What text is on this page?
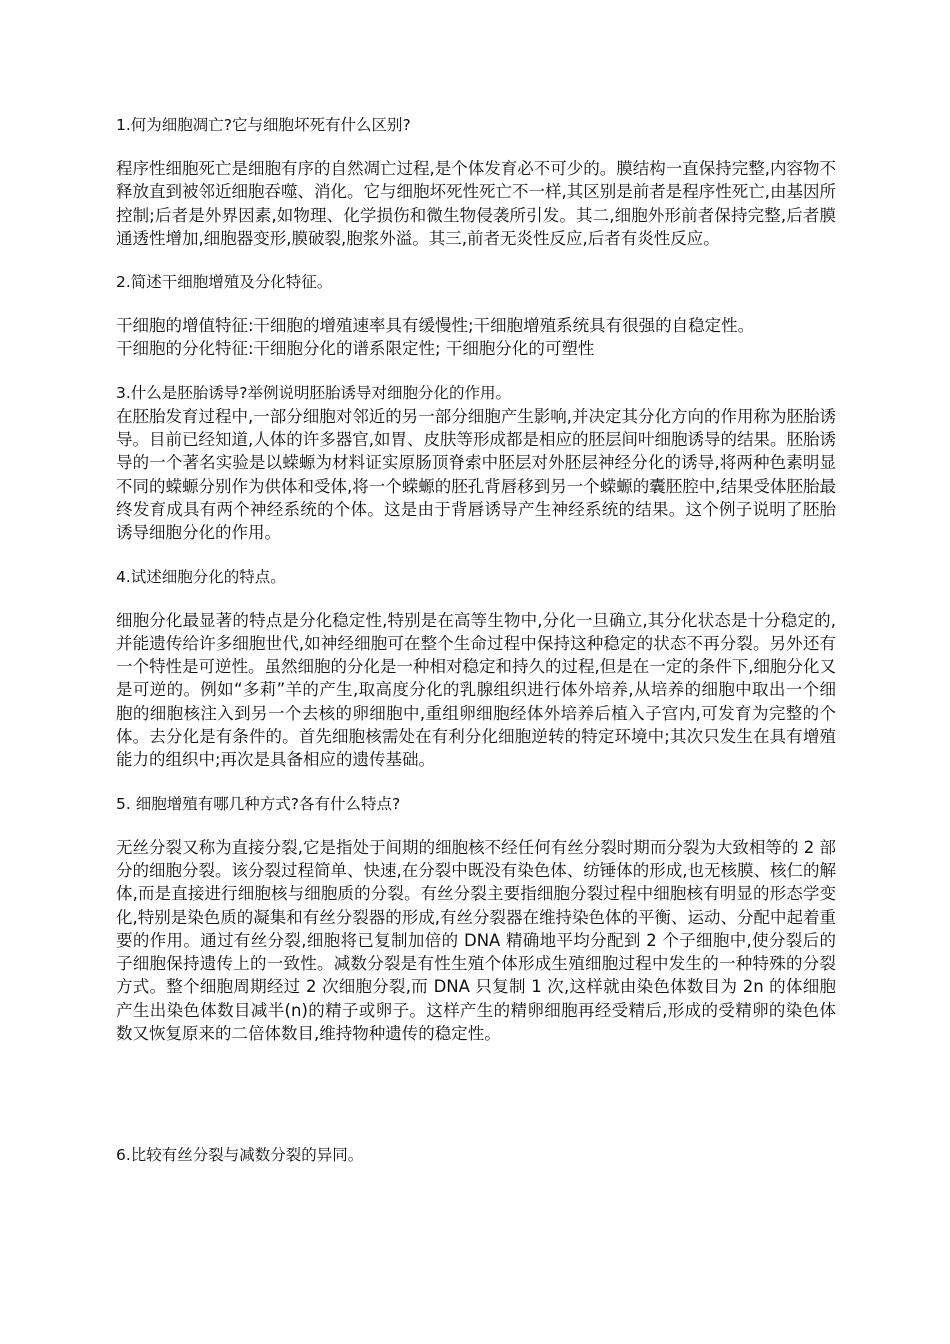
1.何为细胞凋亡?它与细胞坏死有什么区别?

程序性细胞死亡是细胞有序的自然凋亡过程,是个体发育必不可少的。膜结构一直保持完整,内容物不释放直到被邻近细胞吞噬、消化。它与细胞坏死性死亡不一样,其区别是前者是程序性死亡,由基因所控制;后者是外界因素,如物理、化学损伤和微生物侵袭所引发。其二,细胞外形前者保持完整,后者膜通透性增加,细胞器变形,膜破裂,胞浆外溢。其三,前者无炎性反应,后者有炎性反应。

2.简述干细胞增殖及分化特征。

干细胞的增值特征:干细胞的增殖速率具有缓慢性;干细胞增殖系统具有很强的自稳定性。

干细胞的分化特征:干细胞分化的谱系限定性; 干细胞分化的可塑性

3.什么是胚胎诱导?举例说明胚胎诱导对细胞分化的作用。

在胚胎发育过程中,一部分细胞对邻近的另一部分细胞产生影响,并决定其分化方向的作用称为胚胎诱导。目前已经知道,人体的许多器官,如胃、皮肤等形成都是相应的胚层间叶细胞诱导的结果。胚胎诱导的一个著名实验是以蝾螈为材料证实原肠顶脊索中胚层对外胚层神经分化的诱导,将两种色素明显不同的蝾螈分别作为供体和受体,将一个蝾螈的胚孔背唇移到另一个蝾螈的囊胚腔中,结果受体胚胎最终发育成具有两个神经系统的个体。这是由于背唇诱导产生神经系统的结果。这个例子说明了胚胎诱导细胞分化的作用。

4.试述细胞分化的特点。

细胞分化最显著的特点是分化稳定性,特别是在高等生物中,分化一旦确立,其分化状态是十分稳定的,并能遗传给许多细胞世代,如神经细胞可在整个生命过程中保持这种稳定的状态不再分裂。另外还有一个特性是可逆性。虽然细胞的分化是一种相对稳定和持久的过程,但是在一定的条件下,细胞分化又是可逆的。例如“多莉”羊的产生,取高度分化的乳腺组织进行体外培养,从培养的细胞中取出一个细胞的细胞核注入到另一个去核的卵细胞中,重组卵细胞经体外培养后植入子宫内,可发育为完整的个体。去分化是有条件的。首先细胞核需处在有利分化细胞逆转的特定环境中;其次只发生在具有增殖能力的组织中;再次是具备相应的遗传基础。

5. 细胞增殖有哪几种方式?各有什么特点?

无丝分裂又称为直接分裂,它是指处于间期的细胞核不经任何有丝分裂时期而分裂为大致相等的 2 部分的细胞分裂。该分裂过程简单、快速,在分裂中既没有染色体、纺锤体的形成,也无核膜、核仁的解体,而是直接进行细胞核与细胞质的分裂。有丝分裂主要指细胞分裂过程中细胞核有明显的形态学变化,特别是染色质的凝集和有丝分裂器的形成,有丝分裂器在维持染色体的平衡、运动、分配中起着重要的作用。通过有丝分裂,细胞将已复制加倍的 DNA 精确地平均分配到 2 个子细胞中,使分裂后的子细胞保持遗传上的一致性。减数分裂是有性生殖个体形成生殖细胞过程中发生的一种特殊的分裂方式。整个细胞周期经过 2 次细胞分裂,而 DNA 只复制 1 次,这样就由染色体数目为 2n 的体细胞产生出染色体数目减半(n)的精子或卵子。这样产生的精卵细胞再经受精后,形成的受精卵的染色体数又恢复原来的二倍体数目,维持物种遗传的稳定性。

6.比较有丝分裂与减数分裂的异同。
